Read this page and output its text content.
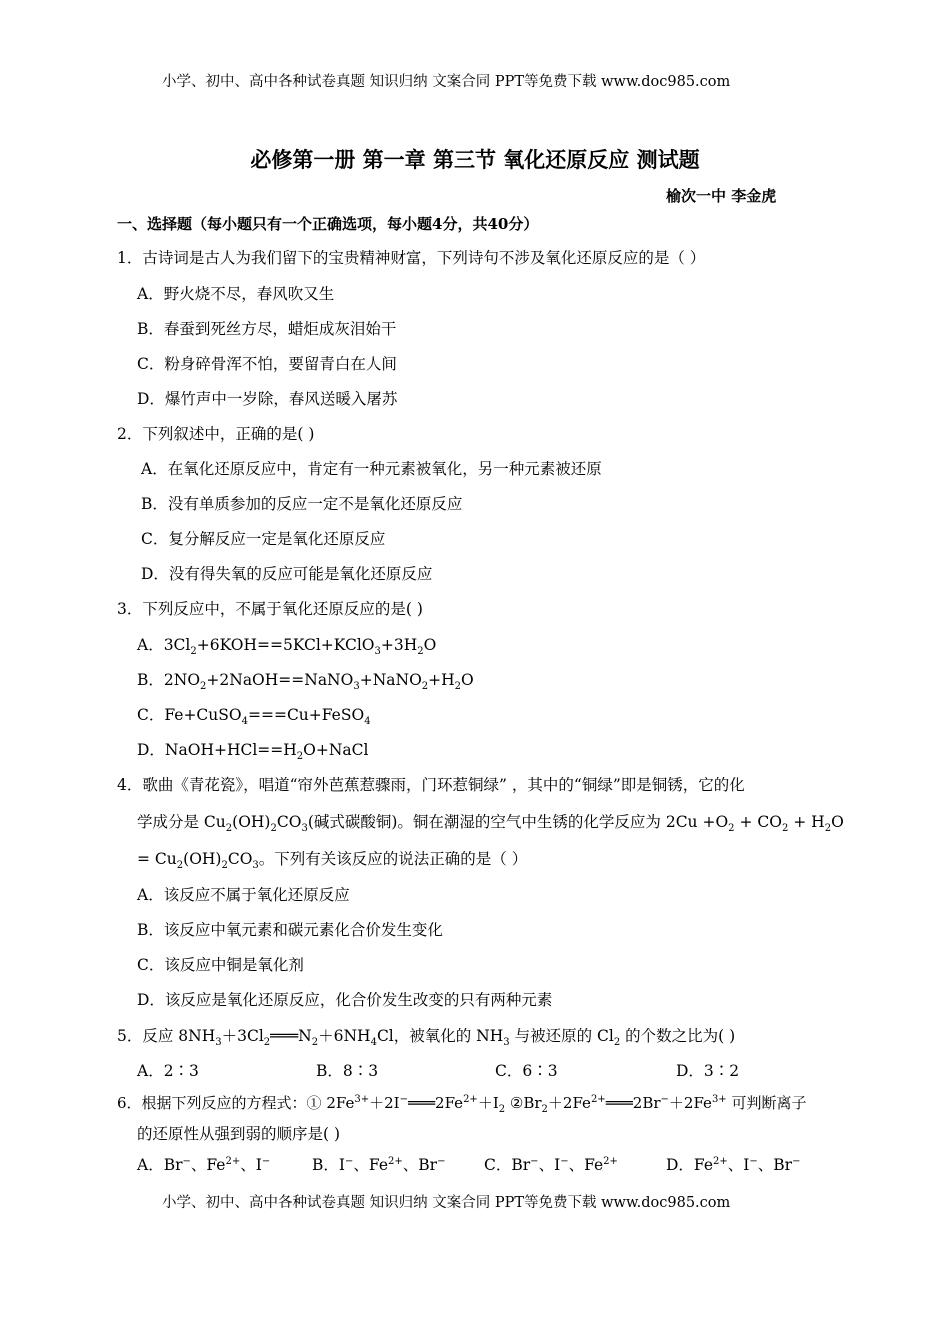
小学、初中、高中各种试卷真题 知识归纳 文案合同 PPT等免费下载 www.doc985.com
必修第一册 第一章 第三节 氧化还原反应 测试题
榆次一中 李金虎
一、选择题（每小题只有一个正确选项，每小题4分，共40分）
1．古诗词是古人为我们留下的宝贵精神财富，下列诗句不涉及氧化还原反应的是（ ）
A．野火烧不尽，春风吹又生
B．春蚕到死丝方尽，蜡炬成灰泪始干
C．粉身碎骨浑不怕，要留青白在人间
D．爆竹声中一岁除，春风送暖入屠苏
2．下列叙述中，正确的是( )
A．在氧化还原反应中，肯定有一种元素被氧化，另一种元素被还原
B．没有单质参加的反应一定不是氧化还原反应
C．复分解反应一定是氧化还原反应
D．没有得失氧的反应可能是氧化还原反应
3．下列反应中，不属于氧化还原反应的是( )
A．$3Cl_2+6KOH==5KCl+KClO_3+3H_2O$
B．$2NO_2+2NaOH==NaNO_3+NaNO_2+H_2O$
C．Fe+CuSO$_4$===Cu+FeSO$_4$
D．$NaOH+HCl==H_2O+NaCl$
4．歌曲《青花瓷》，唱道“帘外芭蕉惹骤雨，门环惹铜绿” ，其中的“铜绿”即是铜锈，它的化
学成分是 $Cu_2(OH)_2CO_3$(碱式碳酸铜)。铜在潮湿的空气中生锈的化学反应为 $2Cu +O_2 + CO_2 + H_2O$
= $Cu_2(OH)_2CO_3$。下列有关该反应的说法正确的是（ ）
A．该反应不属于氧化还原反应
B．该反应中氧元素和碳元素化合价发生变化
C．该反应中铜是氧化剂
D．该反应是氧化还原反应，化合价发生改变的只有两种元素
5．反应 $8NH_3+3Cl_2═══N_2+6NH_4Cl$，被氧化的 $NH_3$ 与被还原的 $Cl_2$ 的个数之比为( )
A．2∶3	B．8∶3	C．6∶3	D．3∶2
6．根据下列反应的方程式：① $2Fe^{3+}+2I^-═══2Fe^{2+}+I_2$ $②Br_2+2Fe^{2+}═══2Br^-+2Fe^{3+}$ 可判断离子
的还原性从强到弱的顺序是( )
A．Br−、$Fe^{2+}$、I−	B．I−、$Fe^{2+}$、Br− C．Br−、I−、$Fe^{2+}$	D．$Fe^{2+}$、I−、Br−
小学、初中、高中各种试卷真题 知识归纳 文案合同 PPT等免费下载 www.doc985.com
